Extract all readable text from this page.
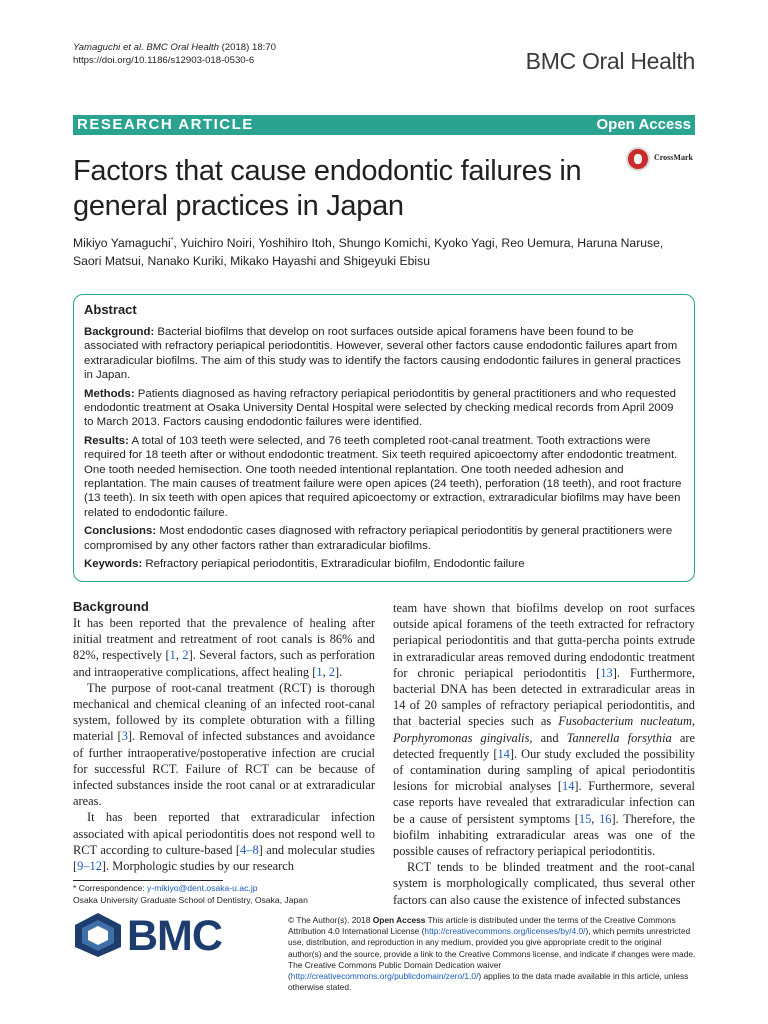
Yamaguchi et al. BMC Oral Health (2018) 18:70
https://doi.org/10.1186/s12903-018-0530-6	BMC Oral Health
RESEARCH ARTICLE	Open Access
Factors that cause endodontic failures in general practices in Japan
CrossMark
Mikiyo Yamaguchi*, Yuichiro Noiri, Yoshihiro Itoh, Shungo Komichi, Kyoko Yagi, Reo Uemura, Haruna Naruse, Saori Matsui, Nanako Kuriki, Mikako Hayashi and Shigeyuki Ebisu
Abstract

Background: Bacterial biofilms that develop on root surfaces outside apical foramens have been found to be associated with refractory periapical periodontitis. However, several other factors cause endodontic failures apart from extraradicular biofilms. The aim of this study was to identify the factors causing endodontic failures in general practices in Japan.

Methods: Patients diagnosed as having refractory periapical periodontitis by general practitioners and who requested endodontic treatment at Osaka University Dental Hospital were selected by checking medical records from April 2009 to March 2013. Factors causing endodontic failures were identified.

Results: A total of 103 teeth were selected, and 76 teeth completed root-canal treatment. Tooth extractions were required for 18 teeth after or without endodontic treatment. Six teeth required apicoectomy after endodontic treatment. One tooth needed hemisection. One tooth needed intentional replantation. One tooth needed adhesion and replantation. The main causes of treatment failure were open apices (24 teeth), perforation (18 teeth), and root fracture (13 teeth). In six teeth with open apices that required apicoectomy or extraction, extraradicular biofilms may have been related to endodontic failure.

Conclusions: Most endodontic cases diagnosed with refractory periapical periodontitis by general practitioners were compromised by any other factors rather than extraradicular biofilms.

Keywords: Refractory periapical periodontitis, Extraradicular biofilm, Endodontic failure

Background

It has been reported that the prevalence of healing after initial treatment and retreatment of root canals is 86% and 82%, respectively [1, 2]. Several factors, such as perforation and intraoperative complications, affect healing [1, 2].

The purpose of root-canal treatment (RCT) is thorough mechanical and chemical cleaning of an infected root-canal system, followed by its complete obturation with a filling material [3]. Removal of infected substances and avoidance of further intraoperative/postoperative infection are crucial for successful RCT. Failure of RCT can be because of infected substances inside the root canal or at extraradicular areas.

It has been reported that extraradicular infection associated with apical periodontitis does not respond well to RCT according to culture-based [4–8] and molecular studies [9–12]. Morphologic studies by our research

team have shown that biofilms develop on root surfaces outside apical foramens of the teeth extracted for refractory periapical periodontitis and that gutta-percha points extrude in extraradicular areas removed during endodontic treatment for chronic periapical periodontitis [13]. Furthermore, bacterial DNA has been detected in extraradicular areas in 14 of 20 samples of refractory periapical periodontitis, and that bacterial species such as Fusobacterium nucleatum, Porphyromonas gingivalis, and Tannerella forsythia are detected frequently [14]. Our study excluded the possibility of contamination during sampling of apical periodontitis lesions for microbial analyses [14]. Furthermore, several case reports have revealed that extraradicular infection can be a cause of persistent symptoms [15, 16]. Therefore, the biofilm inhabiting extraradicular areas was one of the possible causes of refractory periapical periodontitis.

RCT tends to be blinded treatment and the root-canal system is morphologically complicated, thus several other factors can also cause the existence of infected substances

* Correspondence: y-mikiyo@dent.osaka-u.ac.jp
Osaka University Graduate School of Dentistry, Osaka, Japan
BMC	© The Author(s). 2018 Open Access This article is distributed under the terms of the Creative Commons Attribution 4.0 International License (http://creativecommons.org/licenses/by/4.0/), which permits unrestricted use, distribution, and reproduction in any medium, provided you give appropriate credit to the original author(s) and the source, provide a link to the Creative Commons license, and indicate if changes were made. The Creative Commons Public Domain Dedication waiver (http://creativecommons.org/publicdomain/zero/1.0/) applies to the data made available in this article, unless otherwise stated.
